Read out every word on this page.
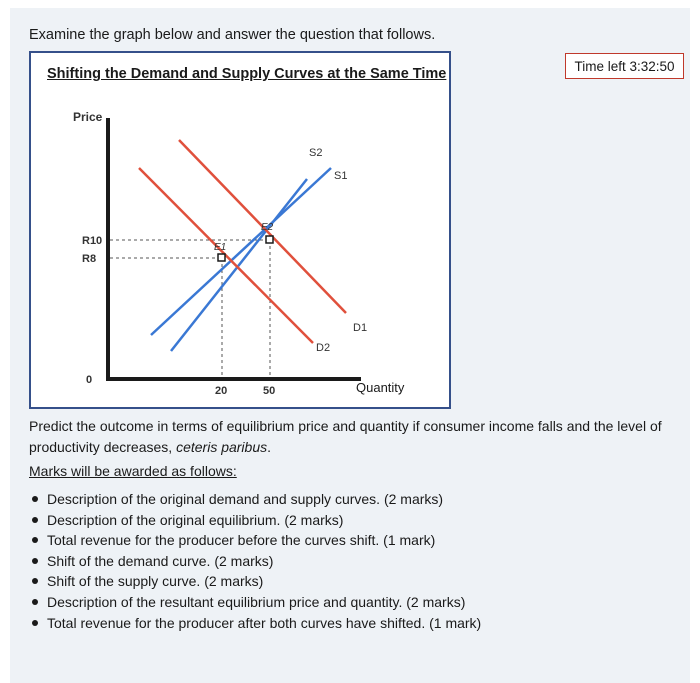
Examine the graph below and answer the question that follows.
Time left 3:32:50
Shifting the Demand and Supply Curves at the Same Time
Price
Quantity
0
R10
R8
20	50
S2
S1
D1
D2
E1
E2
Predict the outcome in terms of equilibrium price and quantity if consumer income falls and the level of productivity decreases, ceteris paribus.
Marks will be awarded as follows:
Description of the original demand and supply curves. (2 marks)
Description of the original equilibrium. (2 marks)
Total revenue for the producer before the curves shift. (1 mark)
Shift of the demand curve. (2 marks)
Shift of the supply curve. (2 marks)
Description of the resultant equilibrium price and quantity. (2 marks)
Total revenue for the producer after both curves have shifted. (1 mark)
